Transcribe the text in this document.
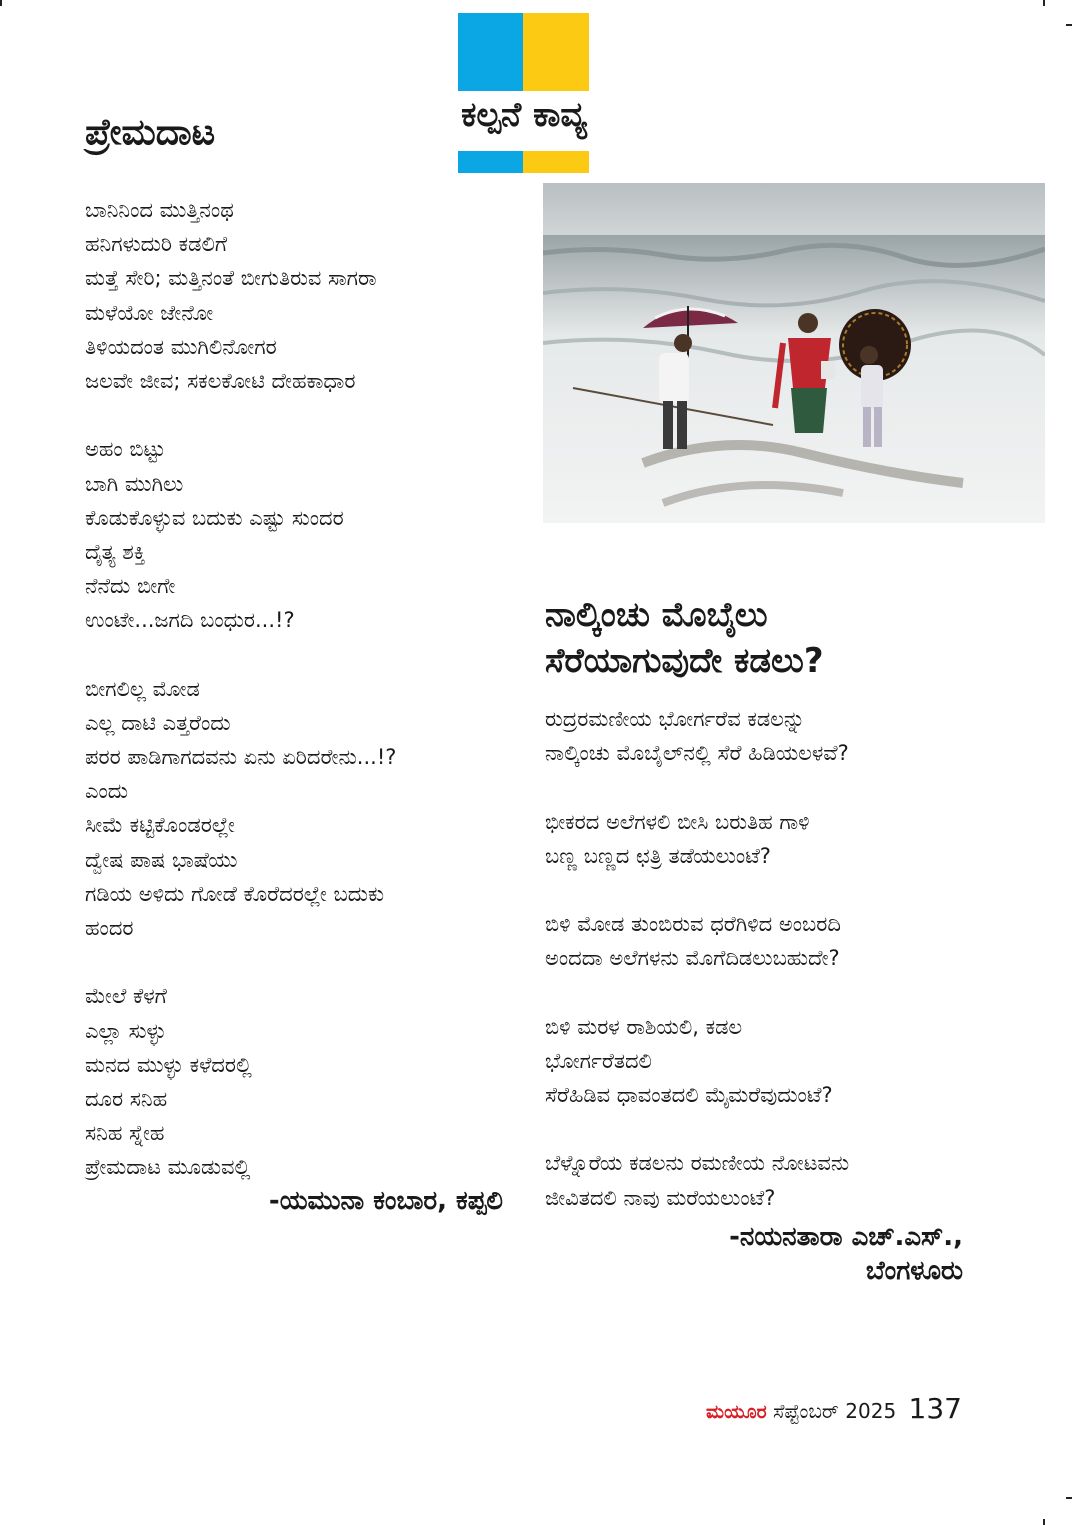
ಕಲ್ಪನೆ ಕಾವ್ಯ
ಪ್ರೇಮದಾಟ
ಬಾನಿನಿಂದ ಮುತ್ತಿನಂಥ
ಹನಿಗಳುದುರಿ ಕಡಲಿಗೆ
ಮತ್ತೆ ಸೇರಿ; ಮತ್ತಿನಂತೆ ಬೀಗುತಿರುವ ಸಾಗರಾ
ಮಳೆಯೋ ಜೇನೋ
ತಿಳಿಯದಂತ ಮುಗಿಲಿನೋಗರ
ಜಲವೇ ಜೀವ; ಸಕಲಕೋಟಿ ದೇಹಕಾಧಾರ
ಅಹಂ ಬಿಟ್ಟು
ಬಾಗಿ ಮುಗಿಲು
ಕೊಡುಕೊಳ್ಳುವ ಬದುಕು ಎಷ್ಟು ಸುಂದರ
ದೈತ್ಯ ಶಕ್ತಿ
ನೆನೆದು ಬೀಗೇ
ಉಂಟೇ...ಜಗದಿ ಬಂಧುರ...!?
ಬೀಗಲಿಲ್ಲ ಮೋಡ
ಎಲ್ಲ ದಾಟಿ ಎತ್ತರೆಂದು
ಪರರ ಪಾಡಿಗಾಗದವನು ಏನು ಏರಿದರೇನು...!?
ಎಂದು
ಸೀಮೆ ಕಟ್ಟಿಕೊಂಡರಲ್ಲೇ
ದ್ವೇಷ ಪಾಷ ಭಾಷೆಯು
ಗಡಿಯ ಅಳಿದು ಗೋಡೆ ಕೊರೆದರಲ್ಲೇ ಬದುಕು
ಹಂದರ
ಮೇಲೆ ಕೆಳಗೆ
ಎಲ್ಲಾ ಸುಳ್ಳು
ಮನದ ಮುಳ್ಳು ಕಳೆದರಲ್ಲಿ
ದೂರ ಸನಿಹ
ಸನಿಹ ಸ್ನೇಹ
ಪ್ರೇಮದಾಟ ಮೂಡುವಲ್ಲಿ
-ಯಮುನಾ ಕಂಬಾರ, ಕಪ್ಪಲಿ
ನಾಲ್ಕಿಂಚು ಮೊಬೈಲು
ಸೆರೆಯಾಗುವುದೇ ಕಡಲು?
ರುದ್ರರಮಣೀಯ ಭೋರ್ಗರೆವ ಕಡಲನ್ನು
ನಾಲ್ಕಿಂಚು ಮೊಬೈಲ್‌ನಲ್ಲಿ ಸೆರೆ ಹಿಡಿಯಲಳವೆ?
ಭೀಕರದ ಅಲೆಗಳಲಿ ಬೀಸಿ ಬರುತಿಹ ಗಾಳಿ
ಬಣ್ಣ ಬಣ್ಣದ ಛತ್ರಿ ತಡೆಯಲುಂಟೆ?
ಬಿಳಿ ಮೋಡ ತುಂಬಿರುವ ಧರೆಗಿಳಿದ ಅಂಬರದಿ
ಅಂದದಾ ಅಲೆಗಳನು ಮೊಗೆದಿಡಲುಬಹುದೇ?
ಬಿಳಿ ಮರಳ ರಾಶಿಯಲಿ, ಕಡಲ
ಭೋರ್ಗರೆತದಲಿ
ಸೆರೆಹಿಡಿವ ಧಾವಂತದಲಿ ಮೈಮರೆವುದುಂಟೆ?
ಬೆಳ್ನೊರೆಯ ಕಡಲನು ರಮಣೀಯ ನೋಟವನು
ಜೀವಿತದಲಿ ನಾವು ಮರೆಯಲುಂಟೆ?
-ನಯನತಾರಾ ಎಚ್.ಎಸ್.,
ಬೆಂಗಳೂರು
ಮಯೂರ ಸೆಪ್ಟೆಂಬರ್ 2025 137
